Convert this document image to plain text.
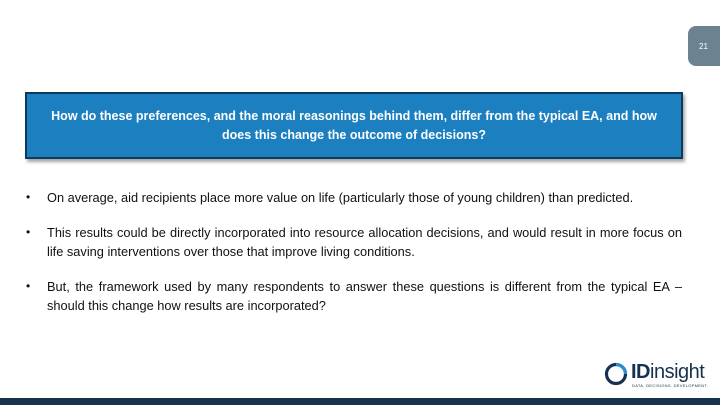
21

How do these preferences, and the moral reasonings behind them, differ from the typical EA, and how does this change the outcome of decisions?

•	On average, aid recipients place more value on life (particularly those of young children) than predicted.
•	This results could be directly incorporated into resource allocation decisions, and would result in more focus on life saving interventions over those that improve living conditions.
•	But, the framework used by many respondents to answer these questions is different from the typical EA – should this change how results are incorporated?
IDinsight
DATA. DECISIONS. DEVELOPMENT.
